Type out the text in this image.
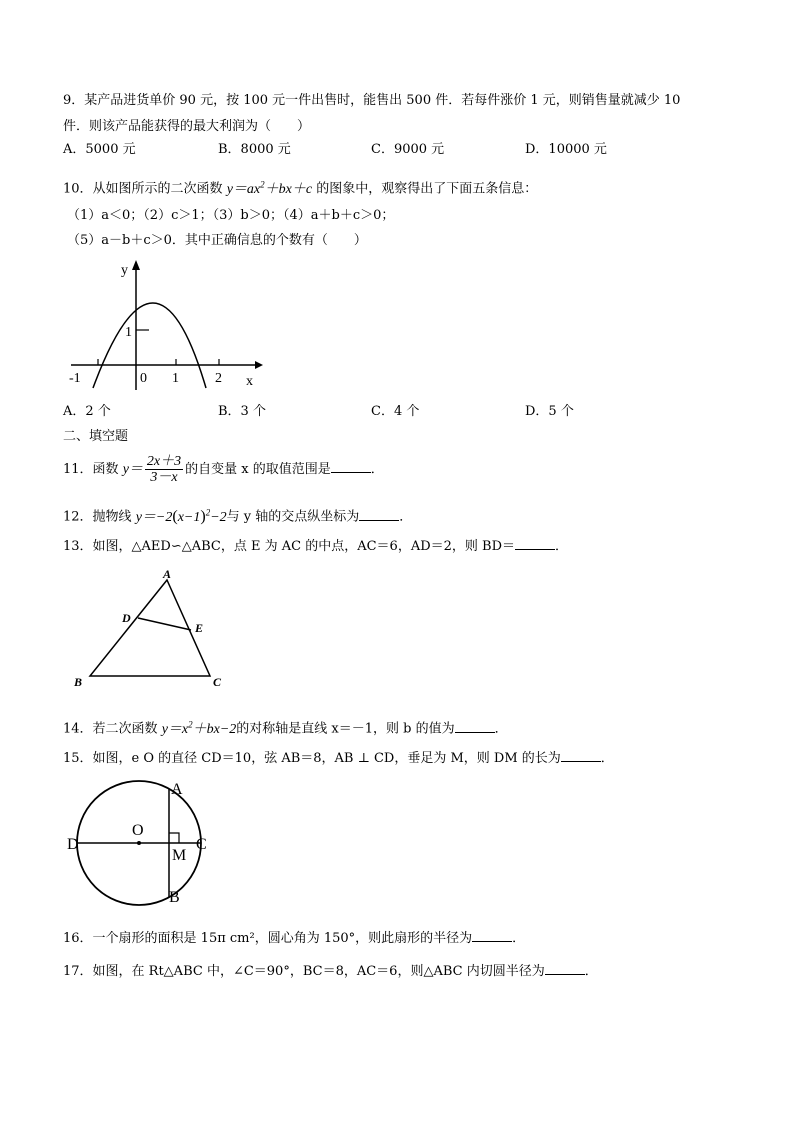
9．某产品进货单价 90 元，按 100 元一件出售时，能售出 500 件．若每件涨价 1 元，则销售量就减少 10
件．则该产品能获得的最大利润为（　　）
A．5000 元	B．8000 元	C．9000 元	D．10000 元
10．从如图所示的二次函数 $y=ax^2+bx+c$ 的图象中，观察得出了下面五条信息：
（1）a＜0；（2）c＞1；（3）b＞0；（4）a＋b＋c＞0；
（5）a－b＋c＞0．其中正确信息的个数有（　　）
y
x
-1	0 1	2
1
A．2 个	B．3 个	C．4 个	D．5 个
二、填空题
11．函数 $y= \frac{2x+3}{3-x}$ 的自变量 x 的取值范围是	．
12．抛物线 $y=-2(x-1)^2-2$与 y 轴的交点纵坐标为	．
13．如图，△AED∽△ABC，点 E 为 AC 的中点，AC＝6，AD＝2，则 BD＝	．
A
B	C
D
E
14．若二次函数 $y=x^2+bx-2$的对称轴是直线 x＝－1，则 b 的值为	．
15．如图，e O 的直径 CD＝10，弦 AB＝8，AB ⊥ CD，垂足为 M，则 DM 的长为	．
A
B
C
D
O
M
16．一个扇形的面积是 15π cm²，圆心角为 150°，则此扇形的半径为	．
17．如图，在 Rt△ABC 中，∠C＝90°，BC＝8，AC＝6，则△ABC 内切圆半径为	．
